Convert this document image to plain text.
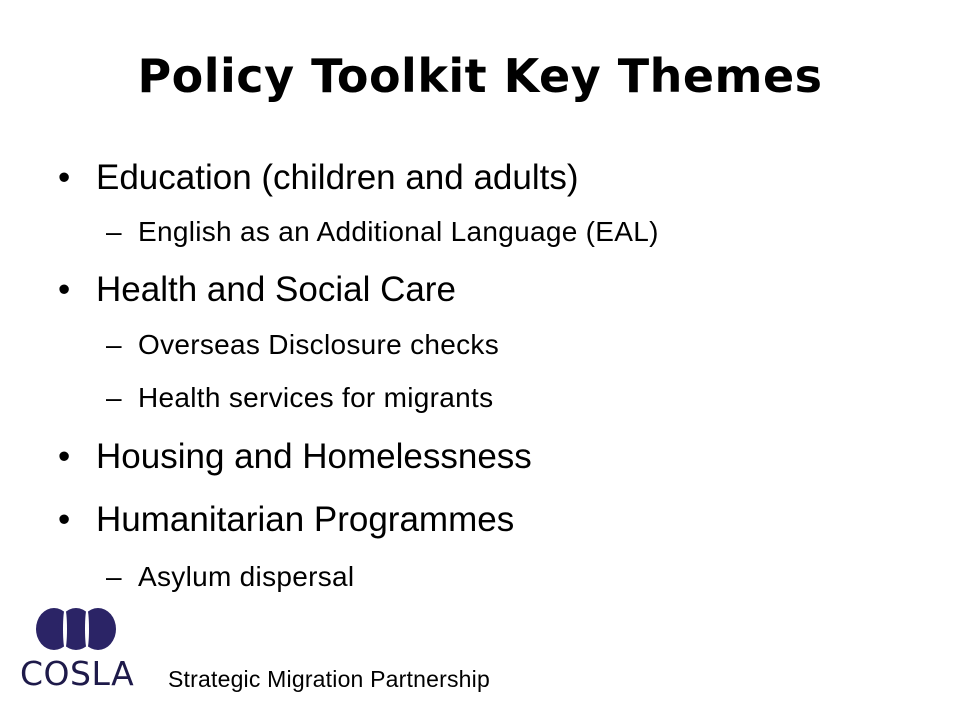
Policy Toolkit Key Themes
• Education (children and adults)
– English as an Additional Language (EAL)
• Health and Social Care
– Overseas Disclosure checks
– Health services for migrants
• Housing and Homelessness
• Humanitarian Programmes
– Asylum dispersal
COSLA Strategic Migration Partnership
